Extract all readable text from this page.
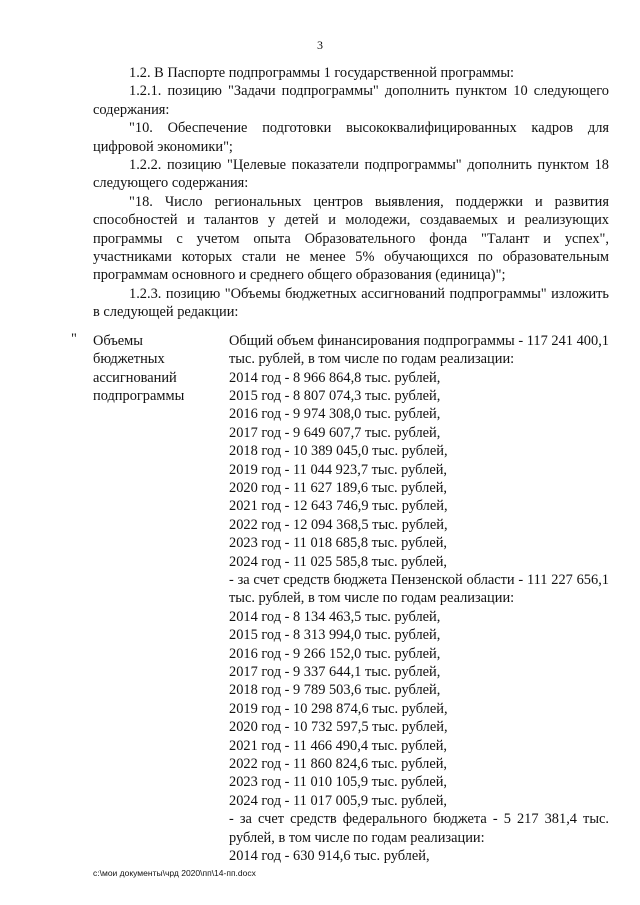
3

1.2. В Паспорте подпрограммы 1 государственной программы:

1.2.1. позицию "Задачи подпрограммы" дополнить пунктом 10 следующего содержания:

"10. Обеспечение подготовки высококвалифицированных кадров для цифровой экономики";

1.2.2. позицию "Целевые показатели подпрограммы" дополнить пунктом 18 следующего содержания:

"18. Число региональных центров выявления, поддержки и развития способностей и талантов у детей и молодежи, создаваемых и реализующих программы с учетом опыта Образовательного фонда "Талант и успех", участниками которых стали не менее 5% обучающихся по образовательным программам основного и среднего общего образования (единица)";

1.2.3. позицию "Объемы бюджетных ассигнований подпрограммы" изложить в следующей редакции:

" Объемы

бюджетных

ассигнований

подпрограммы

Общий объем финансирования подпрограммы - 117 241 400,1 тыс. рублей, в том числе по годам реализации:

2014 год - 8 966 864,8 тыс. рублей,

2015 год - 8 807 074,3 тыс. рублей,

2016 год - 9 974 308,0 тыс. рублей,

2017 год - 9 649 607,7 тыс. рублей,

2018 год - 10 389 045,0 тыс. рублей,

2019 год - 11 044 923,7 тыс. рублей,

2020 год - 11 627 189,6 тыс. рублей,

2021 год - 12 643 746,9 тыс. рублей,

2022 год - 12 094 368,5 тыс. рублей,

2023 год - 11 018 685,8 тыс. рублей,

2024 год - 11 025 585,8 тыс. рублей,

- за счет средств бюджета Пензенской области - 111 227 656,1 тыс. рублей, в том числе по годам реализации:

2014 год - 8 134 463,5 тыс. рублей,

2015 год - 8 313 994,0 тыс. рублей,

2016 год - 9 266 152,0 тыс. рублей,

2017 год - 9 337 644,1 тыс. рублей,

2018 год - 9 789 503,6 тыс. рублей,

2019 год - 10 298 874,6 тыс. рублей,

2020 год - 10 732 597,5 тыс. рублей,

2021 год - 11 466 490,4 тыс. рублей,

2022 год - 11 860 824,6 тыс. рублей,

2023 год - 11 010 105,9 тыс. рублей,

2024 год - 11 017 005,9 тыс. рублей,

- за счет средств федерального бюджета - 5 217 381,4 тыс. рублей, в том числе по годам реализации:

2014 год - 630 914,6 тыс. рублей,

c:\мои документы\чрд 2020\пп\14-пп.docx
